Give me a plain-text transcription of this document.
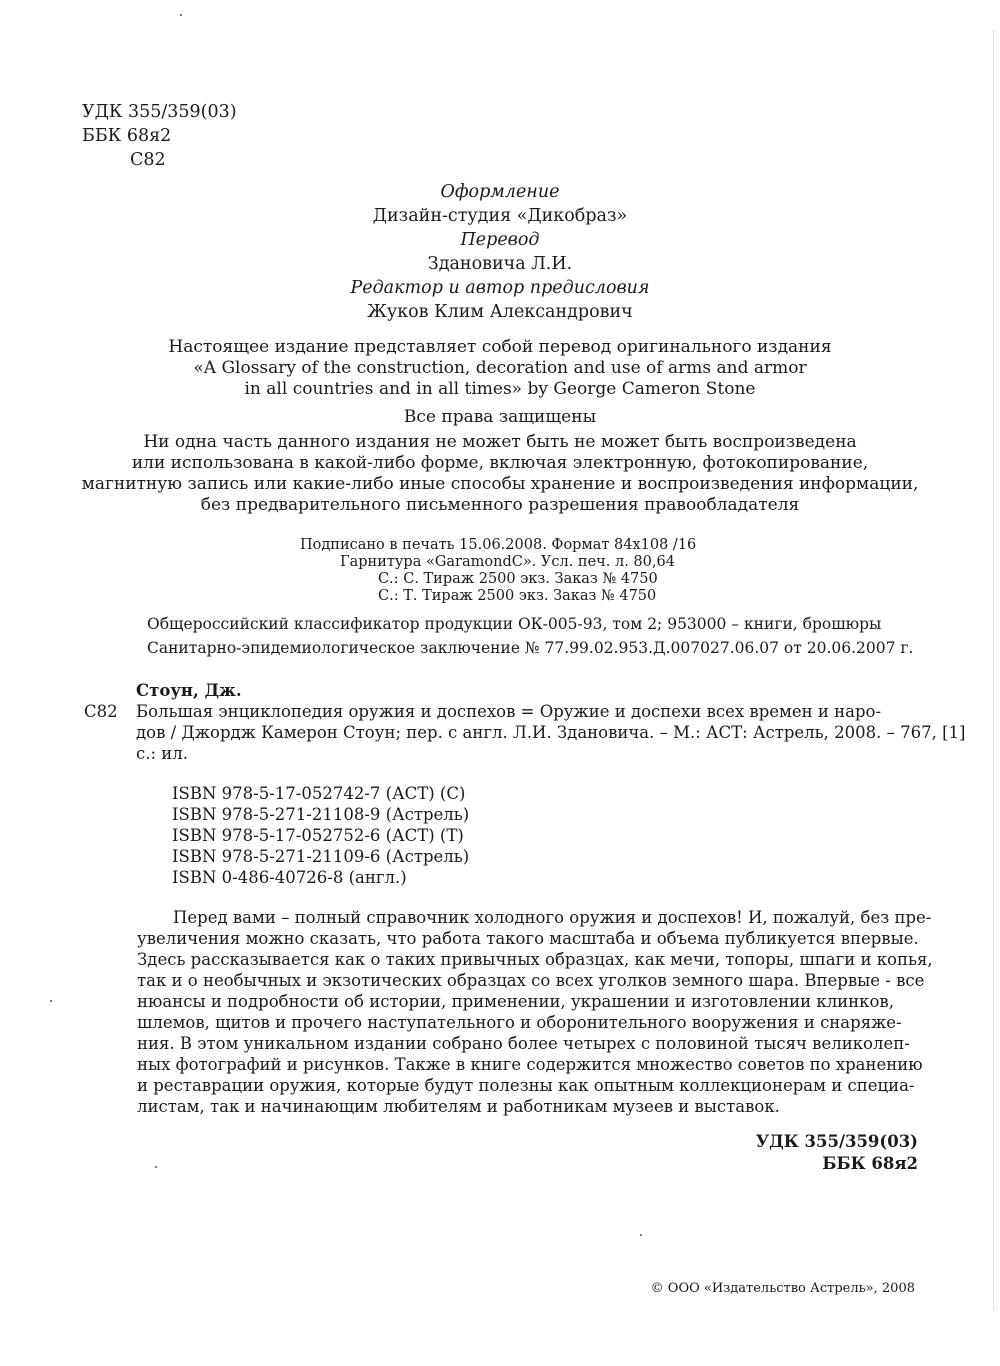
УДК 355/359(03)
ББК 68я2
С82
Оформление
Дизайн-студия «Дикобраз»
Перевод
Здановича Л.И.
Редактор и автор предисловия
Жуков Клим Александрович
Настоящее издание представляет собой перевод оригинального издания
«A Glossary of the construction, decoration and use of arms and armor
in all countries and in all times» by George Cameron Stone
Все права защищены
Ни одна часть данного издания не может быть не может быть воспроизведена
или использована в какой-либо форме, включая электронную, фотокопирование,
магнитную запись или какие-либо иные способы хранение и воспроизведения информации,
без предварительного письменного разрешения правообладателя
Подписано в печать 15.06.2008. Формат 84x108 /16
Гарнитура «GaramondC». Усл. печ. л. 80,64
С.: С. Тираж 2500 экз. Заказ № 4750
С.: Т. Тираж 2500 экз. Заказ № 4750
Общероссийский классификатор продукции ОК-005-93, том 2; 953000 – книги, брошюры
Санитарно-эпидемиологическое заключение № 77.99.02.953.Д.007027.06.07 от 20.06.2007 г.
Стоун, Дж.
С82 Большая энциклопедия оружия и доспехов = Оружие и доспехи всех времен и наро-
дов / Джордж Камерон Стоун; пер. с англ. Л.И. Здановича. – М.: АСТ: Астрель, 2008. – 767, [1]
с.: ил.
ISBN 978-5-17-052742-7 (АСТ) (С)
ISBN 978-5-271-21108-9 (Астрель)
ISBN 978-5-17-052752-6 (АСТ) (Т)
ISBN 978-5-271-21109-6 (Астрель)
ISBN 0-486-40726-8 (англ.)
Перед вами – полный справочник холодного оружия и доспехов! И, пожалуй, без пре-
увеличения можно сказать, что работа такого масштаба и объема публикуется впервые.
Здесь рассказывается как о таких привычных образцах, как мечи, топоры, шпаги и копья,
так и о необычных и экзотических образцах со всех уголков земного шара. Впервые - все
нюансы и подробности об истории, применении, украшении и изготовлении клинков,
шлемов, щитов и прочего наступательного и оборонительного вооружения и снаряже-
ния. В этом уникальном издании собрано более четырех с половиной тысяч великолеп-
ных фотографий и рисунков. Также в книге содержится множество советов по хранению
и реставрации оружия, которые будут полезны как опытным коллекционерам и специа-
листам, так и начинающим любителям и работникам музеев и выставок.
УДК 355/359(03)
ББК 68я2
© ООО «Издательство Астрель», 2008
